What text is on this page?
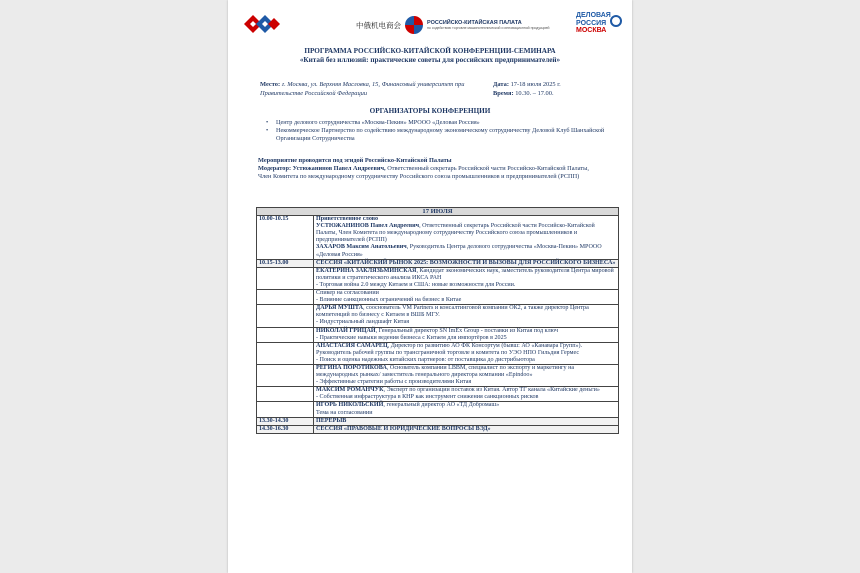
中俄机电商会	РОССИЙСКО-КИТАЙСКАЯ ПАЛАТА
по содействию торговле машинотехнической и инновационной продукцией
ДЕЛОВАЯ
РОССИЯ
МОСКВА
ПРОГРАММА РОССИЙСКО-КИТАЙСКОЙ КОНФЕРЕНЦИИ-СЕМИНАРА
«Китай без иллюзий: практические советы для российских предпринимателей»
Место: г. Москва, ул. Верхняя Масловка, 15, Финансовый университет при Правительстве Российской Федерации
Дата: 17-18 июля 2025 г.
Время: 10.30. – 17.00.
ОРГАНИЗАТОРЫ КОНФЕРЕНЦИИ
• Центр делового сотрудничества «Москва-Пекин» МРООО «Деловая Россия»
• Некоммерческое Партнерство по содействию международному экономическому сотрудничеству Деловой Клуб Шанхайской Организации Сотрудничества
Мероприятие проводится под эгидой Российско-Китайской Палаты
Модератор: Устюжанинов Павел Андреевич, Ответственный секретарь Российской части Российско-Китайской Палаты, Член Комитета по международному сотрудничеству Российского союза промышленников и предпринимателей (РСПП)
17 ИЮЛЯ	
10.00-10.15	Приветственное слово
УСТЮЖАНИНОВ Павел Андреевич, Ответственный секретарь Российской части Российско-Китайской Палаты, Член Комитета по международному сотрудничеству Российского союза промышленников и предпринимателей (РСПП)
ЗАХАРОВ Максим Анатольевич, Руководитель Центра делового сотрудничества «Москва-Пекин» МРООО «Деловая Россия»

10.15-13.00	СЕССИЯ «КИТАЙСКИЙ РЫНОК 2025: ВОЗМОЖНОСТИ И ВЫЗОВЫ ДЛЯ РОССИЙСКОГО БИЗНЕСА»
	ЕКАТЕРИНА ЗАКЛЯЗЬМИНСКАЯ, Кандидат экономических наук, заместитель руководителя Центра мировой политики и стратегического анализа ИКСА РАН
- Торговая война 2.0 между Китаем и США: новые возможности для России.

	Спикер на согласовании
- Влияние санкционных ограничений на бизнес в Китае

	ДАРЬЯ МУШТА, сооснователь VM Partners и консалтинговой компании ОК2, а также директор Центра компетенций по бизнесу с Китаем в ВШБ МГУ.
- Индустриальный ландшафт Китая

	НИКОЛАЙ ГРИЦАЙ, Генеральный директор SN ImEx Group - поставки из Китая под ключ
- Практические навыки ведения бизнеса с Китаем для импортёров в 2025

	АНАСТАСИЯ САМАРЕЦ, Директор по развитию АО ФК Консортум (бывш: АО «Канавара Групп»). Руководитель рабочей группы по трансграничной торговле и комитета по УЭО НПО Гильдия Гермес
- Поиск и оценка надежных китайских партнеров: от поставщика до дистрибьютора

	РЕГИНА ПОРОТИКОВА, Основатель компании LBBM, специалист по экспорту и маркетингу на международных рынках/ заместитель генерального директора компании «Epindoo»
- Эффективные стратегии работы с производителями Китая

	МАКСИМ РОМАНЧУК, Эксперт по организации поставок из Китая. Автор ТГ канала «Китайские деньги»
- Собственная инфраструктура в КНР как инструмент снижения санкционных рисков

	ИГОРЬ НИКОЛЬСКИЙ, генеральный директор АО «ТД Добромаш»
Тема на согласовании

13.30-14.30	ПЕРЕРЫВ
14.30-16.30	СЕССИЯ «ПРАВОВЫЕ И ЮРИДИЧЕСКИЕ ВОПРОСЫ ВЭД»
